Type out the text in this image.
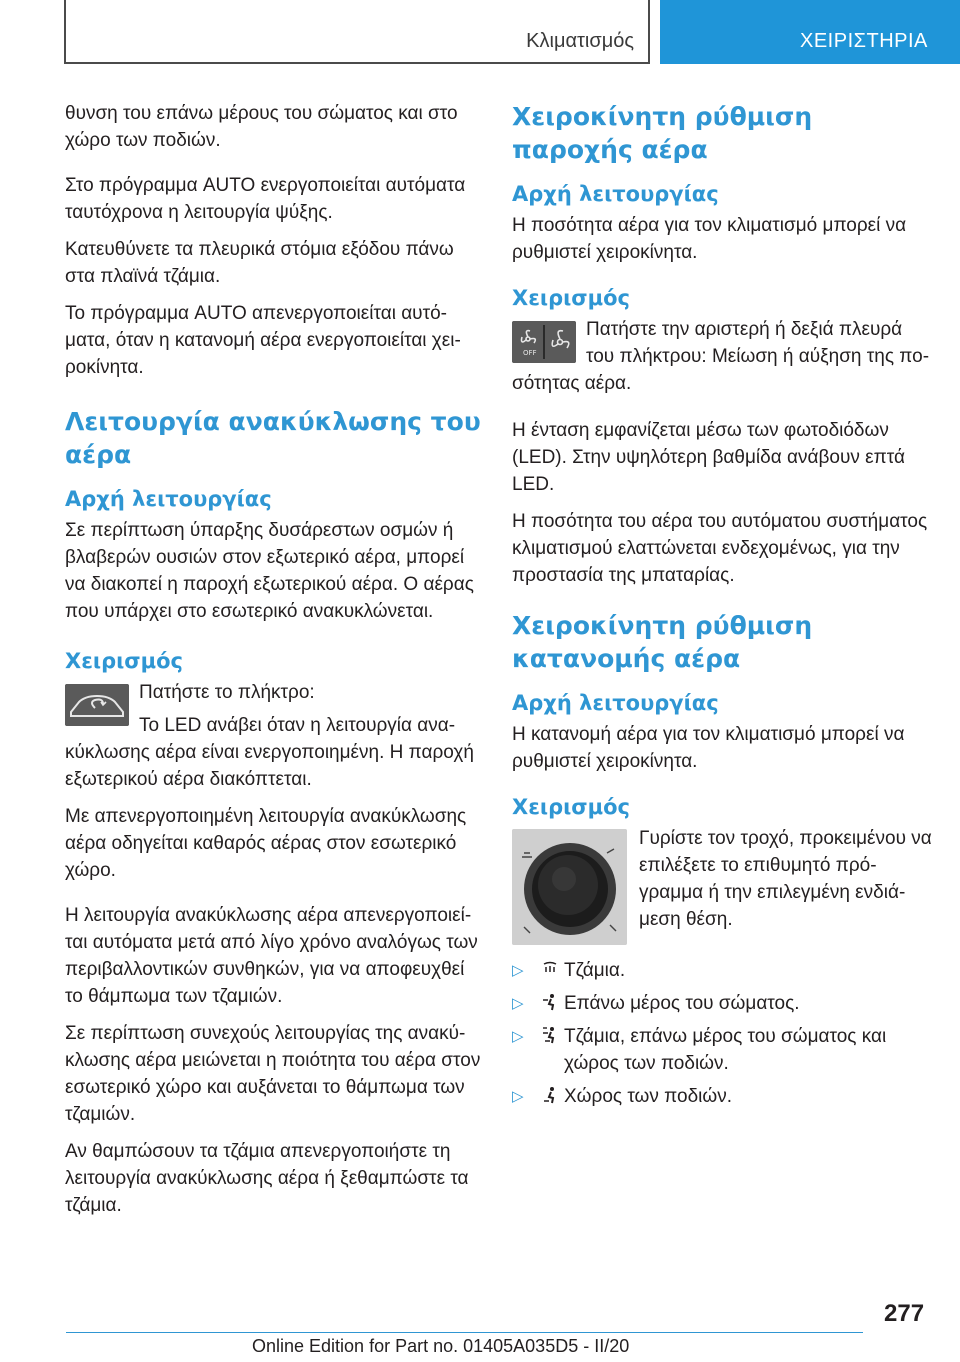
Κλιματισμός	ΧΕΙΡΙΣΤΗΡΙΑ

θυνση του επάνω μέρους του σώματος και στο χώρο των ποδιών.

Στο πρόγραμμα AUTO ενεργοποιείται αυτόματα ταυτόχρονα η λειτουργία ψύξης.

Κατευθύνετε τα πλευρικά στόμια εξόδου πάνω στα πλαϊνά τζάμια.

Το πρόγραμμα AUTO απενεργοποιείται αυτόματα, όταν η κατανομή αέρα ενεργοποιείται χειροκίνητα.

Λειτουργία ανακύκλωσης του αέρα
Αρχή λειτουργίας

Σε περίπτωση ύπαρξης δυσάρεστων οσμών ή βλαβερών ουσιών στον εξωτερικό αέρα, μπορεί να διακοπεί η παροχή εξωτερικού αέρα. Ο αέρας που υπάρχει στο εσωτερικό ανακυκλώνεται.

Χειρισμός

Πατήστε το πλήκτρο:

Το LED ανάβει όταν η λειτουργία ανακύκλωσης αέρα είναι ενεργοποιημένη. Η παροχή εξωτερικού αέρα διακόπτεται.

Με απενεργοποιημένη λειτουργία ανακύκλωσης αέρα οδηγείται καθαρός αέρας στον εσωτερικό χώρο.

Η λειτουργία ανακύκλωσης αέρα απενεργοποιείται αυτόματα μετά από λίγο χρόνο αναλόγως των περιβαλλοντικών συνθηκών, για να αποφευχθεί το θάμπωμα των τζαμιών.

Σε περίπτωση συνεχούς λειτουργίας της ανακύκλωσης αέρα μειώνεται η ποιότητα του αέρα στον εσωτερικό χώρο και αυξάνεται το θάμπωμα των τζαμιών.

Αν θαμπώσουν τα τζάμια απενεργοποιήστε τη λειτουργία ανακύκλωσης αέρα ή ξεθαμπώστε τα τζάμια.

Χειροκίνητη ρύθμιση παροχής αέρα
Αρχή λειτουργίας

Η ποσότητα αέρα για τον κλιματισμό μπορεί να ρυθμιστεί χειροκίνητα.

Χειρισμός
OFF

Πατήστε την αριστερή ή δεξιά πλευρά του πλήκτρου: Μείωση ή αύξηση της ποσότητας αέρα.

Η ένταση εμφανίζεται μέσω των φωτοδιόδων (LED). Στην υψηλότερη βαθμίδα ανάβουν επτά LED.

Η ποσότητα του αέρα του αυτόματου συστήματος κλιματισμού ελαττώνεται ενδεχομένως, για την προστασία της μπαταρίας.

Χειροκίνητη ρύθμιση κατανομής αέρα
Αρχή λειτουργίας

Η κατανομή αέρα για τον κλιματισμό μπορεί να ρυθμιστεί χειροκίνητα.

Χειρισμός

Γυρίστε τον τροχό, προκειμένου να επιλέξετε το επιθυμητό πρόγραμμα ή την επιλεγμένη ενδιάμεση θέση.

▷ Τζάμια.
▷ Επάνω μέρος του σώματος.
▷ Τζάμια, επάνω μέρος του σώματος και χώρος των ποδιών.
▷ Χώρος των ποδιών.
277
Online Edition for Part no. 01405A035D5 - II/20
